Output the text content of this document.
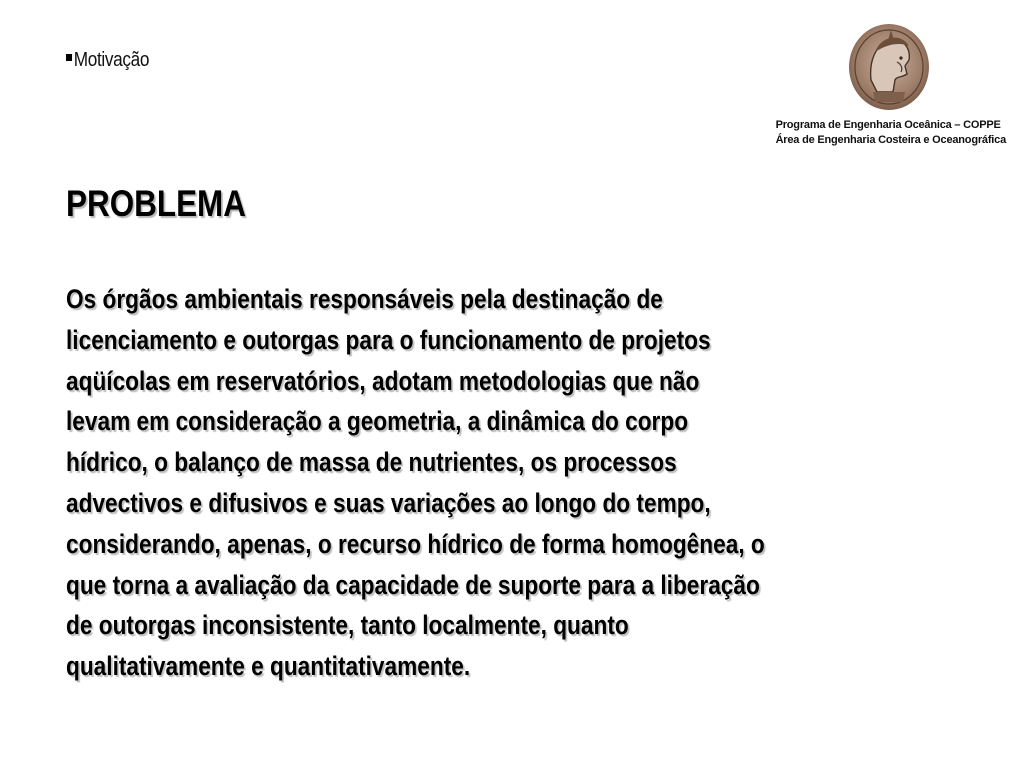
Motivação
Programa de Engenharia Oceânica – COPPE
Área de Engenharia Costeira e Oceanográfica
PROBLEMA

Os órgãos ambientais responsáveis pela destinação de
licenciamento e outorgas para o funcionamento de projetos
aqüícolas em reservatórios, adotam metodologias que não
levam em consideração a geometria, a dinâmica do corpo
hídrico, o balanço de massa de nutrientes, os processos
advectivos e difusivos e suas variações ao longo do tempo,
considerando, apenas, o recurso hídrico de forma homogênea, o
que torna a avaliação da capacidade de suporte para a liberação
de outorgas inconsistente, tanto localmente, quanto
qualitativamente e quantitativamente.
